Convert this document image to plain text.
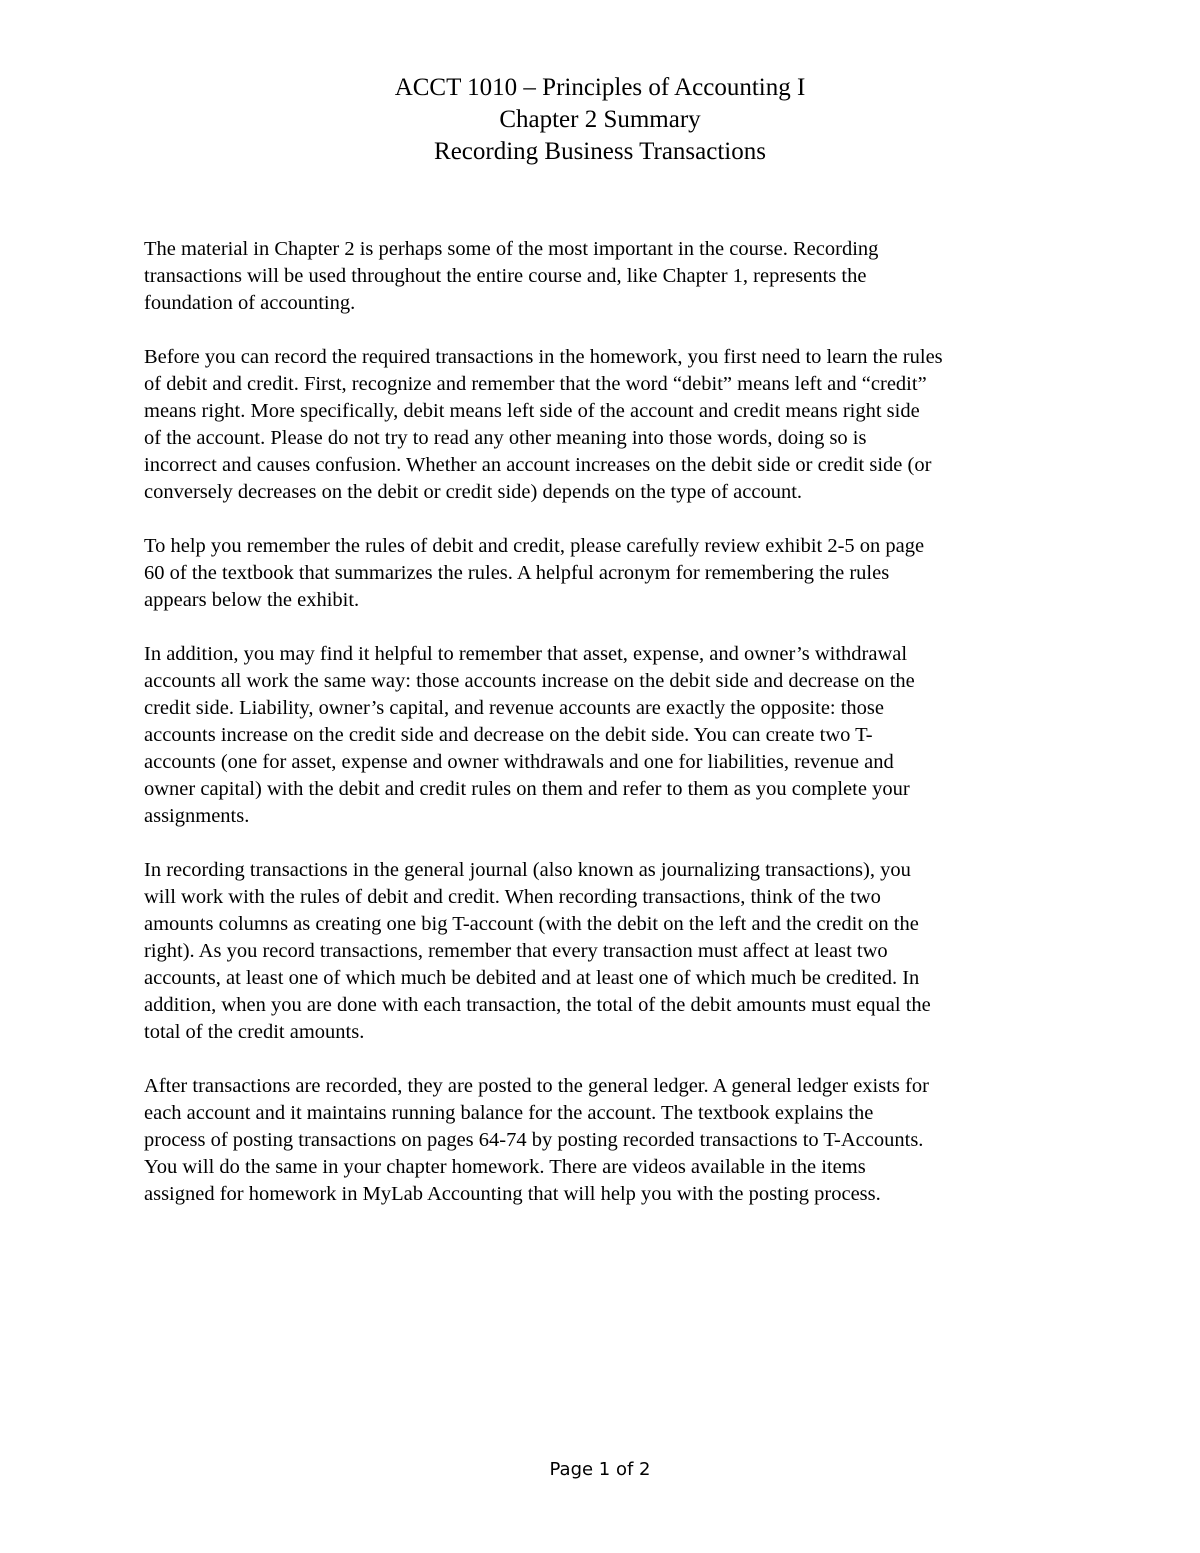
ACCT 1010 – Principles of Accounting I
Chapter 2 Summary
Recording Business Transactions

The material in Chapter 2 is perhaps some of the most important in the course. Recording
transactions will be used throughout the entire course and, like Chapter 1, represents the
foundation of accounting.

Before you can record the required transactions in the homework, you first need to learn the rules
of debit and credit. First, recognize and remember that the word “debit” means left and “credit”
means right. More specifically, debit means left side of the account and credit means right side
of the account. Please do not try to read any other meaning into those words, doing so is
incorrect and causes confusion. Whether an account increases on the debit side or credit side (or
conversely decreases on the debit or credit side) depends on the type of account.

To help you remember the rules of debit and credit, please carefully review exhibit 2-5 on page
60 of the textbook that summarizes the rules. A helpful acronym for remembering the rules
appears below the exhibit.

In addition, you may find it helpful to remember that asset, expense, and owner’s withdrawal
accounts all work the same way: those accounts increase on the debit side and decrease on the
credit side. Liability, owner’s capital, and revenue accounts are exactly the opposite: those
accounts increase on the credit side and decrease on the debit side. You can create two T-
accounts (one for asset, expense and owner withdrawals and one for liabilities, revenue and
owner capital) with the debit and credit rules on them and refer to them as you complete your
assignments.

In recording transactions in the general journal (also known as journalizing transactions), you
will work with the rules of debit and credit. When recording transactions, think of the two
amounts columns as creating one big T-account (with the debit on the left and the credit on the
right). As you record transactions, remember that every transaction must affect at least two
accounts, at least one of which much be debited and at least one of which much be credited. In
addition, when you are done with each transaction, the total of the debit amounts must equal the
total of the credit amounts.

After transactions are recorded, they are posted to the general ledger. A general ledger exists for
each account and it maintains running balance for the account. The textbook explains the
process of posting transactions on pages 64-74 by posting recorded transactions to T-Accounts.
You will do the same in your chapter homework. There are videos available in the items
assigned for homework in MyLab Accounting that will help you with the posting process.

Page 1 of 2
